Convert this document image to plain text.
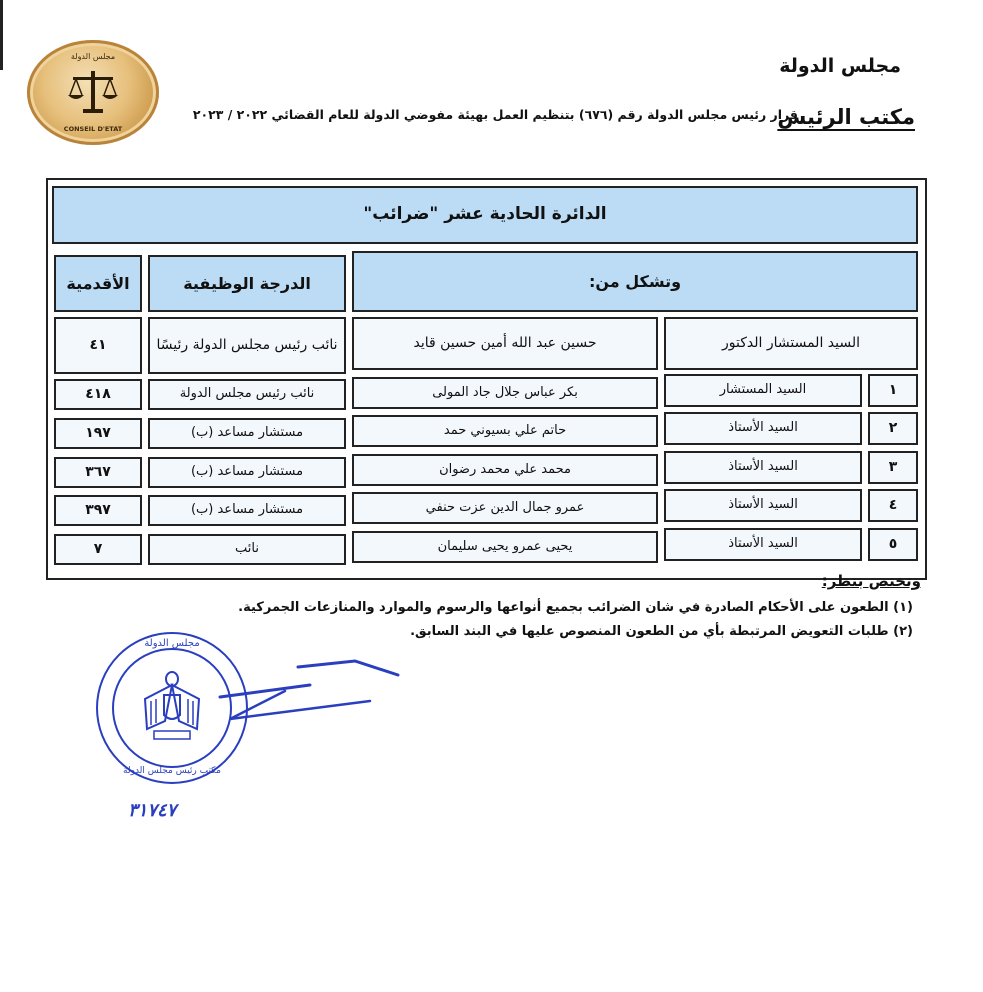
مجلس الدولة
مكتب الرئيس
قرار رئيس مجلس الدولة رقم (٦٧٦) بتنظيم العمل بهيئة مفوضي الدولة للعام القضائي ٢٠٢٢ / ٢٠٢٣
مجلس الدولة
CONSEIL D'ETAT
الدائرة الحادية عشر "ضرائب"
وتشكل من:
الدرجة الوظيفية
الأقدمية
السيد المستشار الدكتور
حسين عبد الله أمين حسين قايد
نائب رئيس مجلس الدولة رئيسًا
٤١
١
السيد المستشار
بكر عباس جلال جاد المولى
نائب رئيس مجلس الدولة
٤١٨
٢
السيد الأستاذ
حاتم علي بسيوني حمد
مستشار مساعد (ب)
١٩٧
٣
السيد الأستاذ
محمد علي محمد رضوان
مستشار مساعد (ب)
٣٦٧
٤
السيد الأستاذ
عمرو جمال الدين عزت حنفي
مستشار مساعد (ب)
٣٩٧
٥
السيد الأستاذ
يحيى عمرو يحيى سليمان
نائب
٧
وتختص بنظر:
(١) الطعون على الأحكام الصادرة في شان الضرائب بجميع أنواعها والرسوم والموارد والمنازعات الجمركية.
(٢) طلبات التعويض المرتبطة بأي من الطعون المنصوص عليها في البند السابق.
مجلس الدولة
مكتب رئيس مجلس الدولة
٣١٧٤٧
